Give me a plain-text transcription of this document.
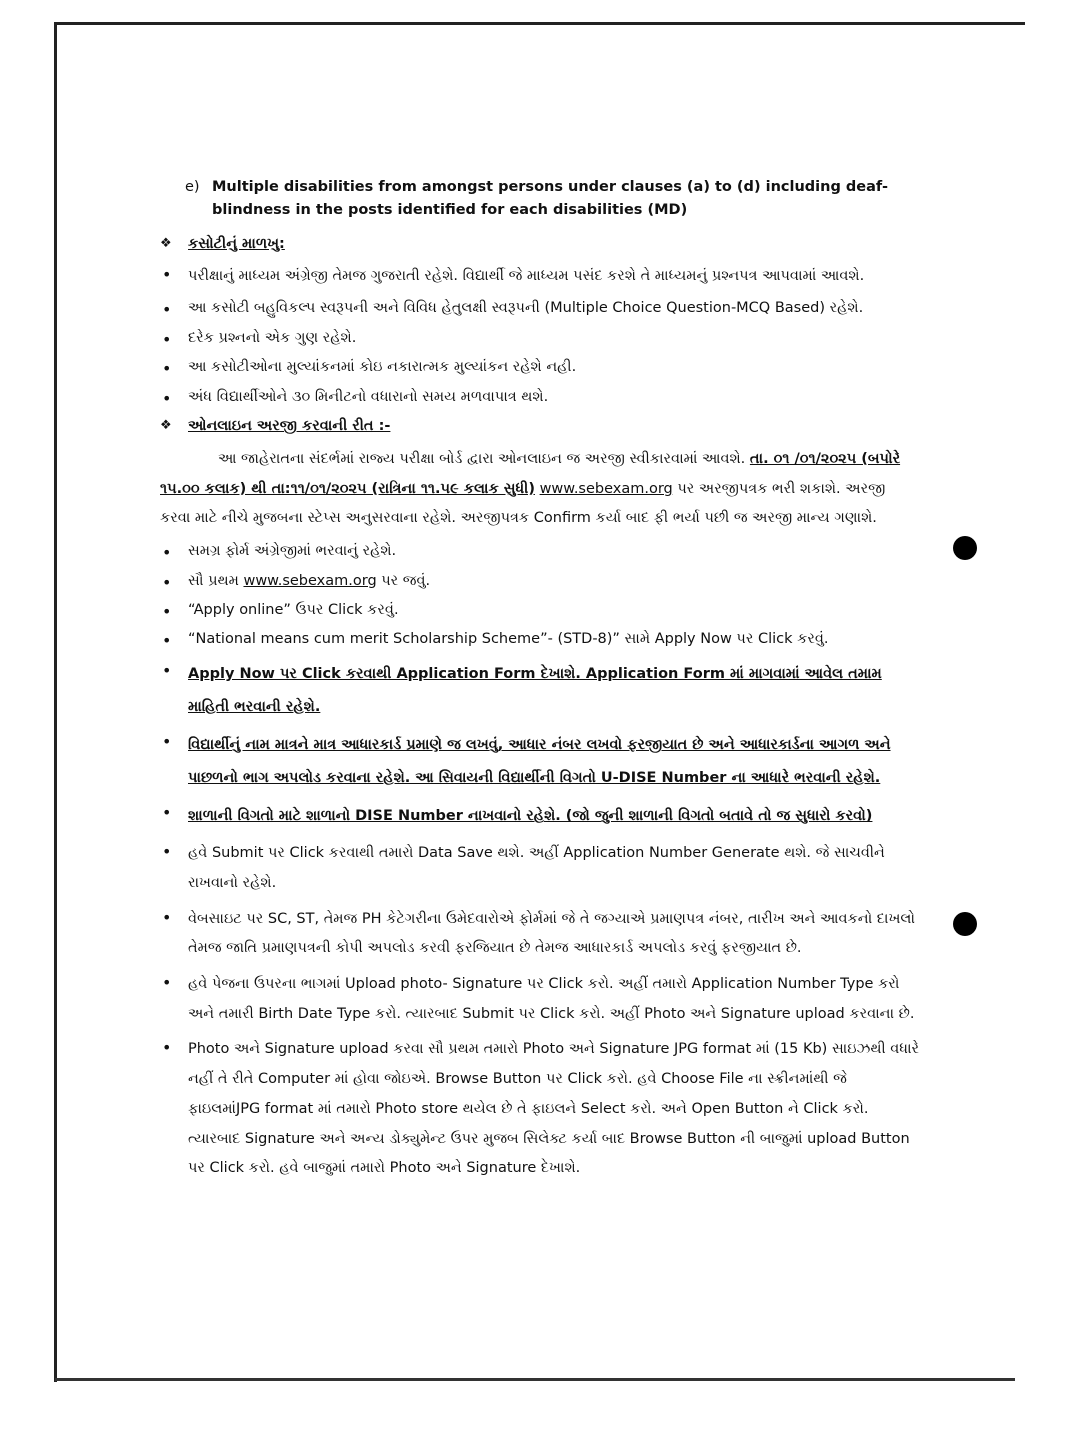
e) Multiple disabilities from amongst persons under clauses (a) to (d) including deaf-blindness in the posts identified for each disabilities (MD)
❖ કસોટીનું માળખુ:
• પરીક્ષાનું માધ્યમ અંગ્રેજી તેમજ ગુજરાતી રહેશે. વિદ્યાર્થી જે માધ્યમ પસંદ કરશે તે માધ્યમનું પ્રશ્નપત્ર આપવામાં આવશે.
• આ કસોટી બહુવિકલ્પ સ્વરૂપની અને વિવિધ હેતુલક્ષી સ્વરૂપની (Multiple Choice Question-MCQ Based) રહેશે.
• દરેક પ્રશ્નનો એક ગુણ રહેશે.
• આ કસોટીઓના મુલ્યાંકનમાં કોઇ નકારાત્મક મુલ્યાંકન રહેશે નહી.
• અંધ વિદ્યાર્થીઓને ૩૦ મિનીટનો વધારાનો સમય મળવાપાત્ર થશે.
❖ ઓનલાઇન અરજી કરવાની રીત :-
આ જાહેરાતના સંદર્ભમાં રાજ્ય પરીક્ષા બોર્ડ દ્વારા ઓનલાઇન જ અરજી સ્વીકારવામાં આવશે. તા. ૦૧ /૦૧/૨૦૨૫ (બપોરે ૧૫.૦૦ કલાક) થી તા:૧૧/૦૧/૨૦૨૫ (રાત્રિના ૧૧.૫૯ કલાક સુધી) www.sebexam.org પર અરજીપત્રક ભરી શકાશે. અરજી કરવા માટે નીચે મુજબના સ્ટેપ્સ અનુસરવાના રહેશે. અરજીપત્રક Confirm કર્યા બાદ ફી ભર્યા પછી જ અરજી માન્ય ગણાશે.
• સમગ્ર ફોર્મ અંગ્રેજીમાં ભરવાનું રહેશે.
• સૌ પ્રથમ www.sebexam.org પર જવું.
• “Apply online” ઉપર Click કરવું.
• “National means cum merit Scholarship Scheme”- (STD-8)” સામે Apply Now પર Click કરવું.
• Apply Now પર Click કરવાથી Application Form દેખાશે. Application Form માં માગવામાં આવેલ તમામ માહિતી ભરવાની રહેશે.
• વિદ્યાર્થીનું નામ માત્રને માત્ર આધારકાર્ડ પ્રમાણે જ લખવું, આધાર નંબર લખવો ફરજીયાત છે અને આધારકાર્ડના આગળ અને પાછળનો ભાગ અપલોડ કરવાના રહેશે. આ સિવાયની વિદ્યાર્થીની વિગતો U-DISE Number ના આધારે ભરવાની રહેશે.
• શાળાની વિગતો માટે શાળાનો DISE Number નાખવાનો રહેશે. (જો જુની શાળાની વિગતો બતાવે તો જ સુધારો કરવો)
• હવે Submit પર Click કરવાથી તમારો Data Save થશે. અહીં Application Number Generate થશે. જે સાચવીને રાખવાનો રહેશે.
• વેબસાઇટ પર SC, ST, તેમજ PH કેટેગરીના ઉમેદવારોએ ફોર્મમાં જે તે જગ્યાએ પ્રમાણપત્ર નંબર, તારીખ અને આવકનો દાખલો તેમજ જાતિ પ્રમાણપત્રની કોપી અપલોડ કરવી ફરજિયાત છે તેમજ આધારકાર્ડ અપલોડ કરવું ફરજીયાત છે.
• હવે પેજના ઉપરના ભાગમાં Upload photo- Signature પર Click કરો. અહીં તમારો Application Number Type કરો અને તમારી Birth Date Type કરો. ત્યારબાદ Submit પર Click કરો. અહીં Photo અને Signature upload કરવાના છે.
• Photo અને Signature upload કરવા સૌ પ્રથમ તમારો Photo અને Signature JPG format માં (15 Kb) સાઇઝથી વધારે નહીં તે રીતે Computer માં હોવા જોઇએ. Browse Button પર Click કરો. હવે Choose File ના સ્ક્રીનમાંથી જે ફાઇલમાંJPG format માં તમારો Photo store થયેલ છે તે ફાઇલને Select કરો. અને Open Button ને Click કરો. ત્યારબાદ Signature અને અન્ય ડોક્યુમેન્ટ ઉપર મુજબ સિલેક્ટ કર્યા બાદ Browse Button ની બાજુમાં upload Button પર Click કરો. હવે બાજુમાં તમારો Photo અને Signature દેખાશે.
